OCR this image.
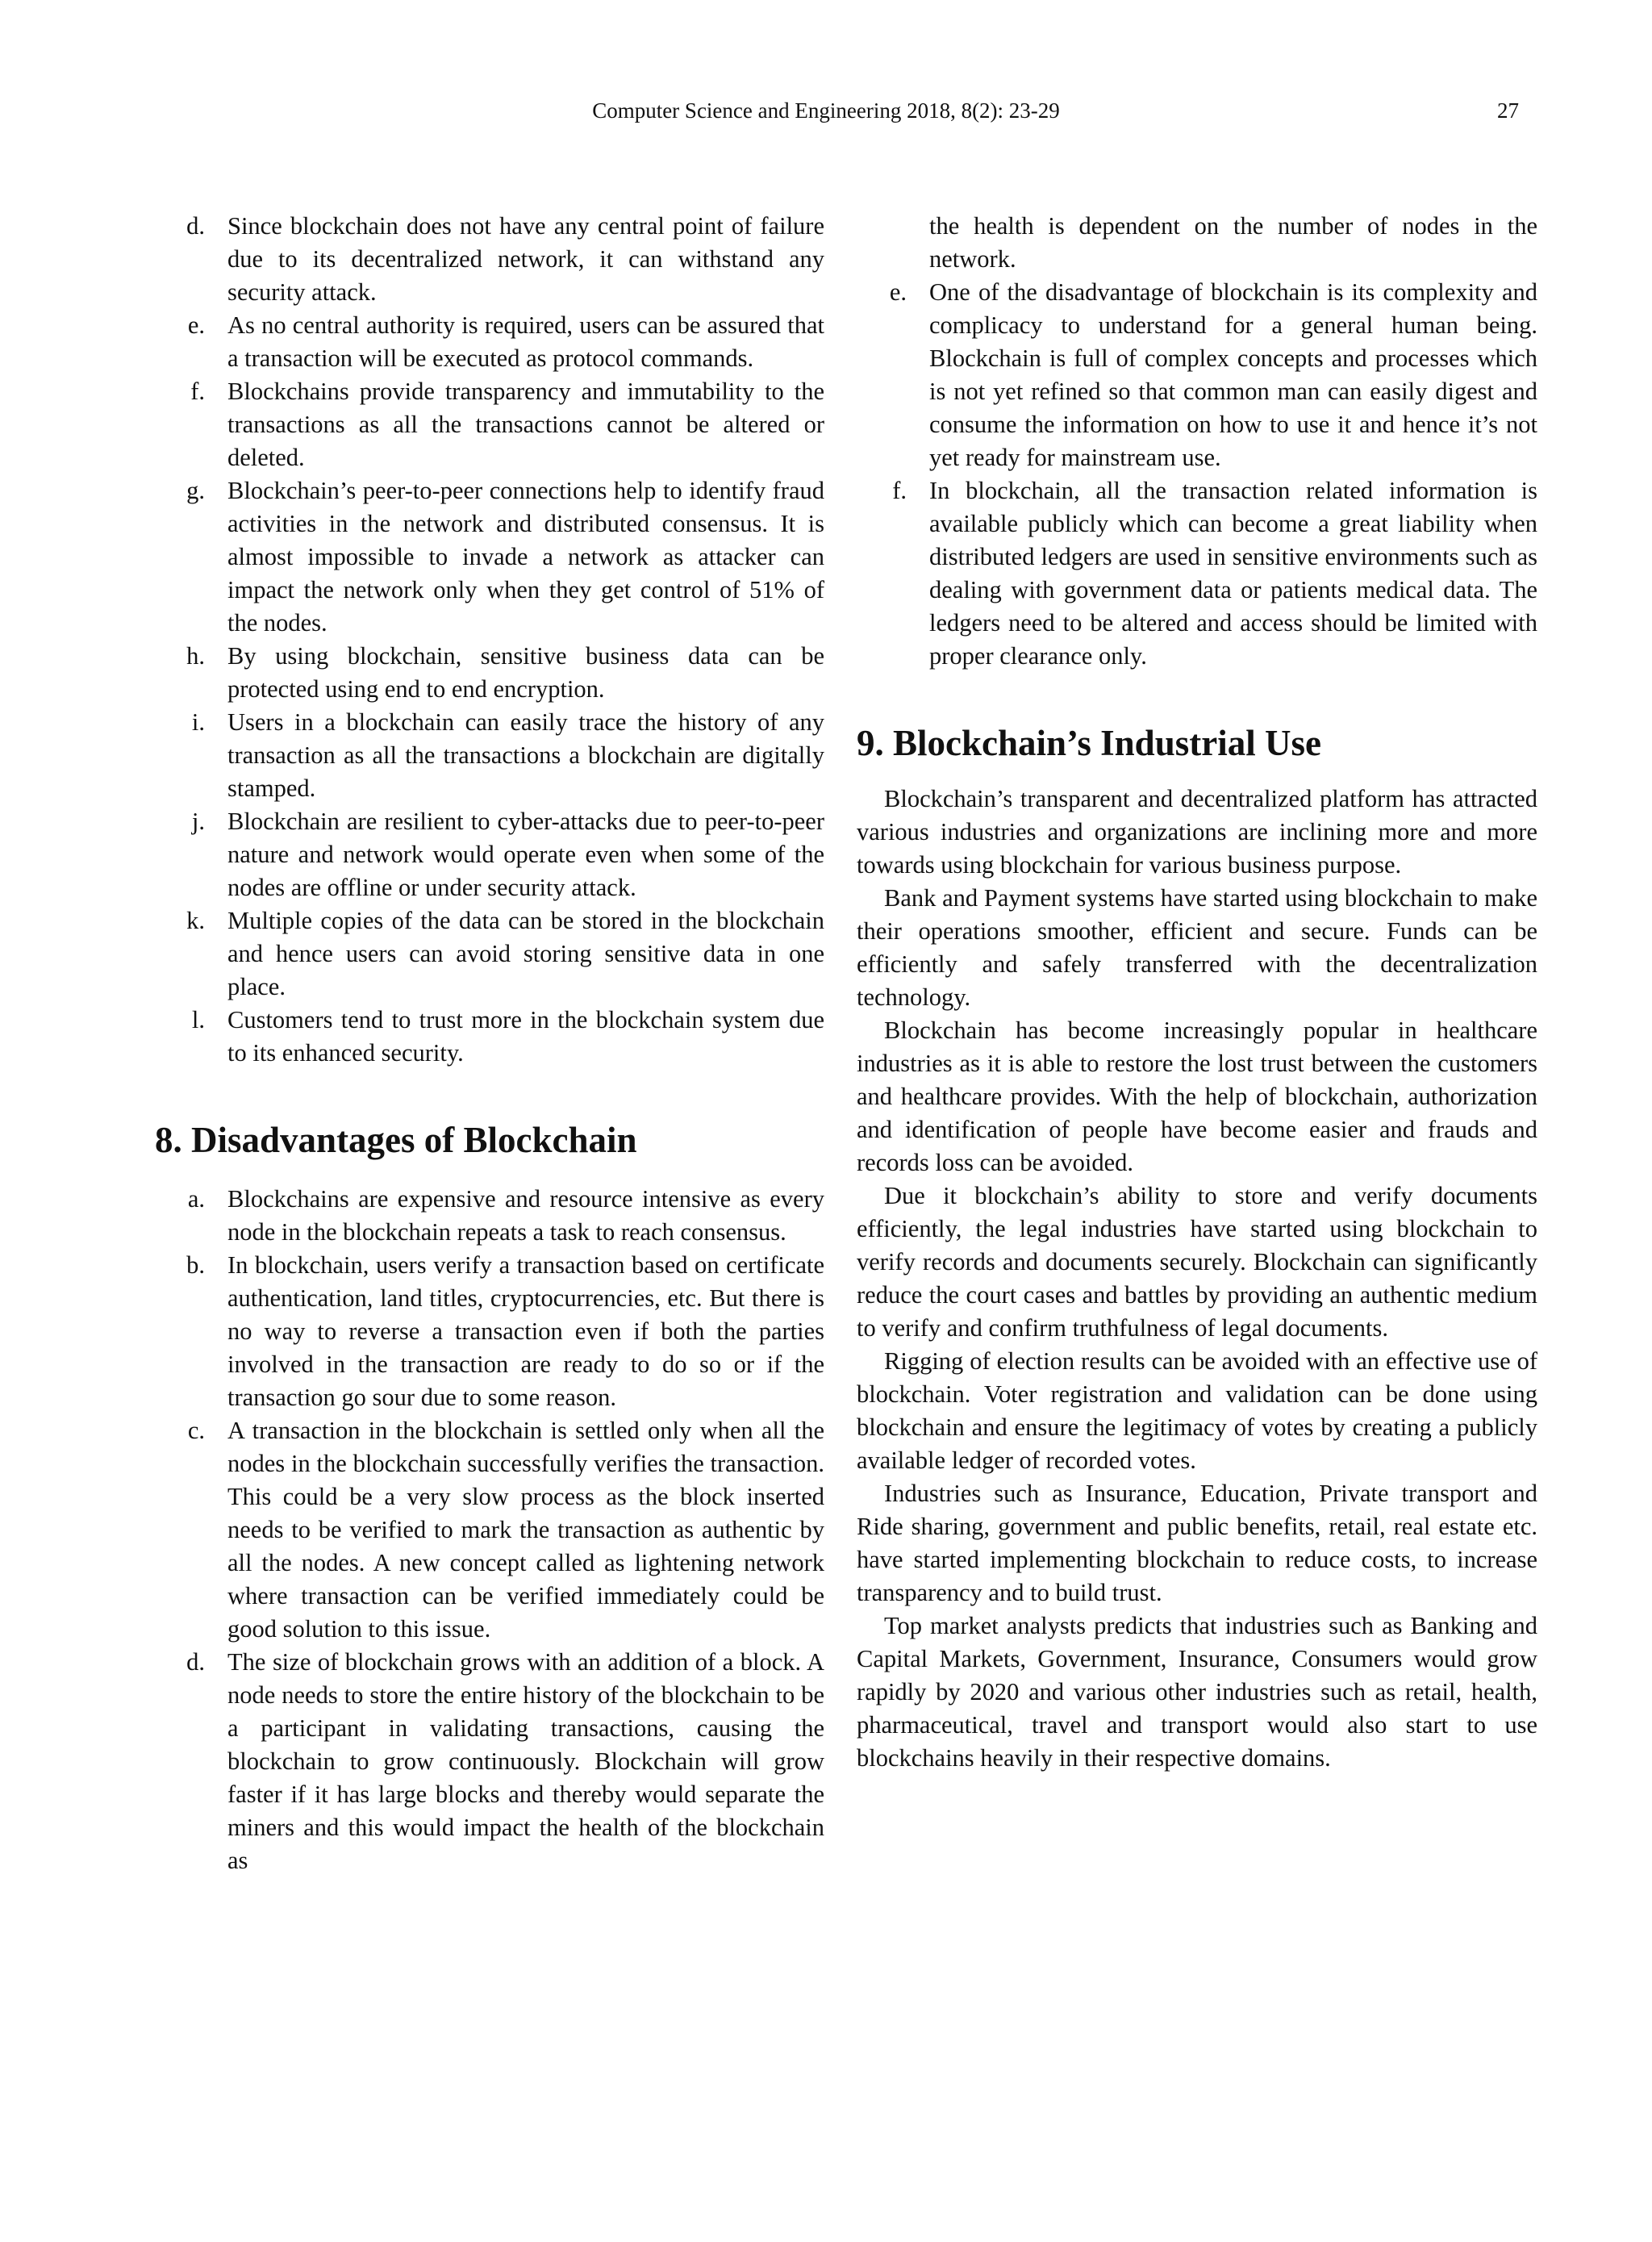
Computer Science and Engineering 2018, 8(2): 23-29	27
d. Since blockchain does not have any central point of failure due to its decentralized network, it can withstand any security attack.
e. As no central authority is required, users can be assured that a transaction will be executed as protocol commands.
f. Blockchains provide transparency and immutability to the transactions as all the transactions cannot be altered or deleted.
g. Blockchain’s peer-to-peer connections help to identify fraud activities in the network and distributed consensus. It is almost impossible to invade a network as attacker can impact the network only when they get control of 51% of the nodes.
h. By using blockchain, sensitive business data can be protected using end to end encryption.
i. Users in a blockchain can easily trace the history of any transaction as all the transactions a blockchain are digitally stamped.
j. Blockchain are resilient to cyber-attacks due to peer-to-peer nature and network would operate even when some of the nodes are offline or under security attack.
k. Multiple copies of the data can be stored in the blockchain and hence users can avoid storing sensitive data in one place.
l. Customers tend to trust more in the blockchain system due to its enhanced security.
8. Disadvantages of Blockchain
a. Blockchains are expensive and resource intensive as every node in the blockchain repeats a task to reach consensus.
b. In blockchain, users verify a transaction based on certificate authentication, land titles, cryptocurrencies, etc. But there is no way to reverse a transaction even if both the parties involved in the transaction are ready to do so or if the transaction go sour due to some reason.
c. A transaction in the blockchain is settled only when all the nodes in the blockchain successfully verifies the transaction. This could be a very slow process as the block inserted needs to be verified to mark the transaction as authentic by all the nodes. A new concept called as lightening network where transaction can be verified immediately could be good solution to this issue.
d. The size of blockchain grows with an addition of a block. A node needs to store the entire history of the blockchain to be a participant in validating transactions, causing the blockchain to grow continuously. Blockchain will grow faster if it has large blocks and thereby would separate the miners and this would impact the health of the blockchain as
the health is dependent on the number of nodes in the network.
e. One of the disadvantage of blockchain is its complexity and complicacy to understand for a general human being. Blockchain is full of complex concepts and processes which is not yet refined so that common man can easily digest and consume the information on how to use it and hence it’s not yet ready for mainstream use.
f. In blockchain, all the transaction related information is available publicly which can become a great liability when distributed ledgers are used in sensitive environments such as dealing with government data or patients medical data. The ledgers need to be altered and access should be limited with proper clearance only.
9. Blockchain’s Industrial Use

Blockchain’s transparent and decentralized platform has attracted various industries and organizations are inclining more and more towards using blockchain for various business purpose.

Bank and Payment systems have started using blockchain to make their operations smoother, efficient and secure. Funds can be efficiently and safely transferred with the decentralization technology.

Blockchain has become increasingly popular in healthcare industries as it is able to restore the lost trust between the customers and healthcare provides. With the help of blockchain, authorization and identification of people have become easier and frauds and records loss can be avoided.

Due it blockchain’s ability to store and verify documents efficiently, the legal industries have started using blockchain to verify records and documents securely. Blockchain can significantly reduce the court cases and battles by providing an authentic medium to verify and confirm truthfulness of legal documents.

Rigging of election results can be avoided with an effective use of blockchain. Voter registration and validation can be done using blockchain and ensure the legitimacy of votes by creating a publicly available ledger of recorded votes.

Industries such as Insurance, Education, Private transport and Ride sharing, government and public benefits, retail, real estate etc. have started implementing blockchain to reduce costs, to increase transparency and to build trust.

Top market analysts predicts that industries such as Banking and Capital Markets, Government, Insurance, Consumers would grow rapidly by 2020 and various other industries such as retail, health, pharmaceutical, travel and transport would also start to use blockchains heavily in their respective domains.
